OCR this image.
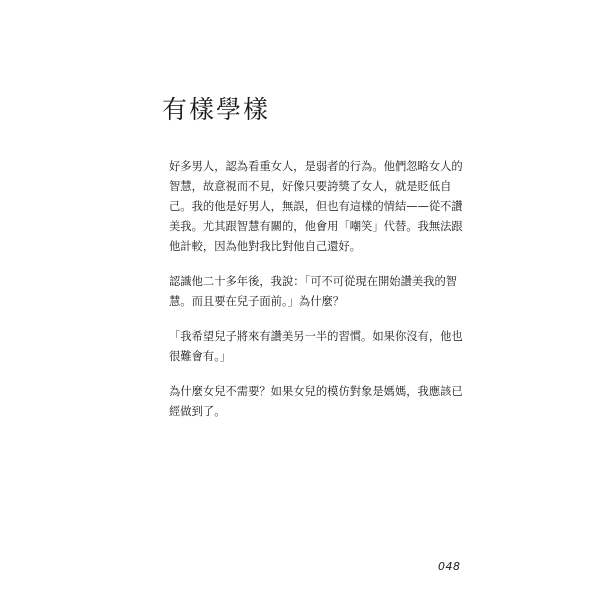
有樣學樣

好多男人，認為看重女人，是弱者的行為。他們忽略女人的
智慧，故意視而不見，好像只要誇獎了女人，就是貶低自
己。我的他是好男人，無誤，但也有這樣的情結——從不讚
美我。尤其跟智慧有關的，他會用「嘲笑」代替。我無法跟
他計較，因為他對我比對他自己還好。

認識他二十多年後，我說：「可不可從現在開始讚美我的智
慧。而且要在兒子面前。」為什麼？

「我希望兒子將來有讚美另一半的習慣。如果你沒有，他也
很難會有。」

為什麼女兒不需要？如果女兒的模仿對象是媽媽，我應該已
經做到了。

048
